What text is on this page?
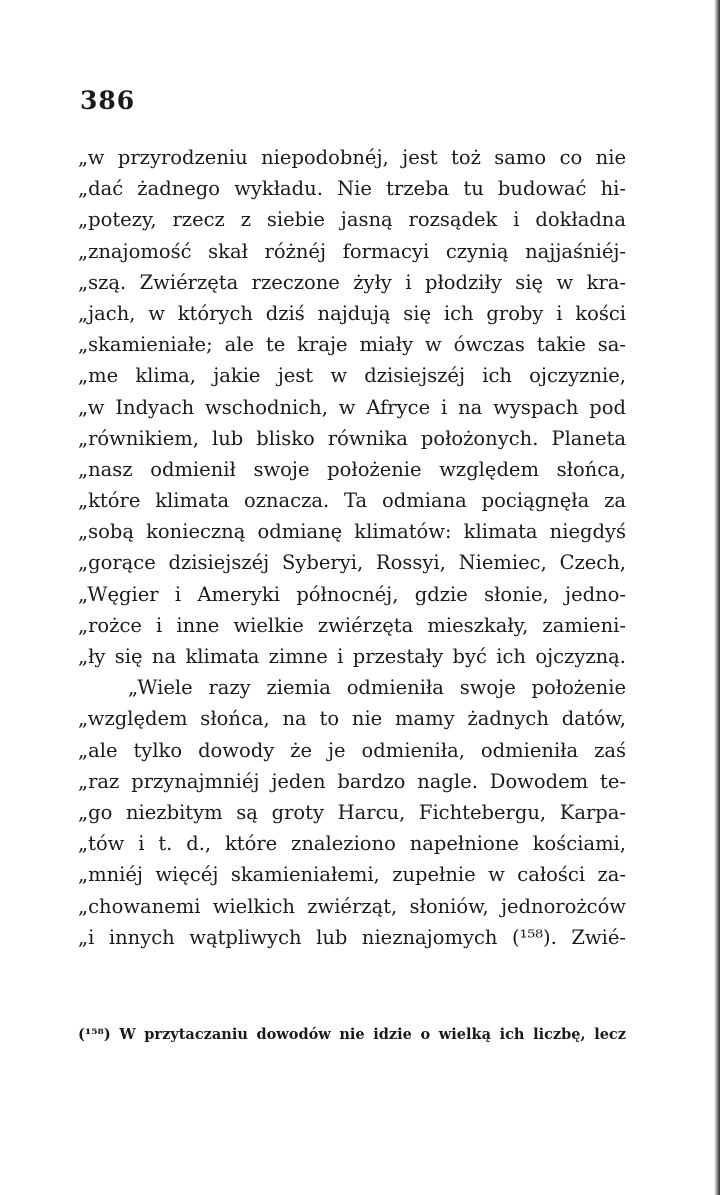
386
„w przyrodzeniu niepodobnéj, jest toż samo co nie
„dać żadnego wykładu. Nie trzeba tu budować hi-
„potezy, rzecz z siebie jasną rozsądek i dokładna
„znajomość skał różnéj formacyi czynią najjaśniéj-
„szą. Zwiérzęta rzeczone żyły i płodziły się w kra-
„jach, w których dziś najdują się ich groby i kości
„skamieniałe; ale te kraje miały w ówczas takie sa-
„me klima, jakie jest w dzisiejszéj ich ojczyznie,
„w Indyach wschodnich, w Afryce i na wyspach pod
„równikiem, lub blisko równika położonych. Planeta
„nasz odmienił swoje położenie względem słońca,
„które klimata oznacza. Ta odmiana pociągnęła za
„sobą konieczną odmianę klimatów: klimata niegdyś
„gorące dzisiejszéj Syberyi, Rossyi, Niemiec, Czech,
„Węgier i Ameryki północnéj, gdzie słonie, jedno-
„rożce i inne wielkie zwiérzęta mieszkały, zamieni-
„ły się na klimata zimne i przestały być ich ojczyzną.
„Wiele razy ziemia odmieniła swoje położenie
„względem słońca, na to nie mamy żadnych datów,
„ale tylko dowody że je odmieniła, odmieniła zaś
„raz przynajmniéj jeden bardzo nagle. Dowodem te-
„go niezbitym są groty Harcu, Fichtebergu, Karpa-
„tów i t. d., które znaleziono napełnione kościami,
„mniéj więcéj skamieniałemi, zupełnie w całości za-
„chowanemi wielkich zwiérząt, słoniów, jednorożców
„i innych wątpliwych lub nieznajomych (¹⁵⁸). Zwié-
(¹⁵⁸) W przytaczaniu dowodów nie idzie o wielką ich liczbę, lecz
